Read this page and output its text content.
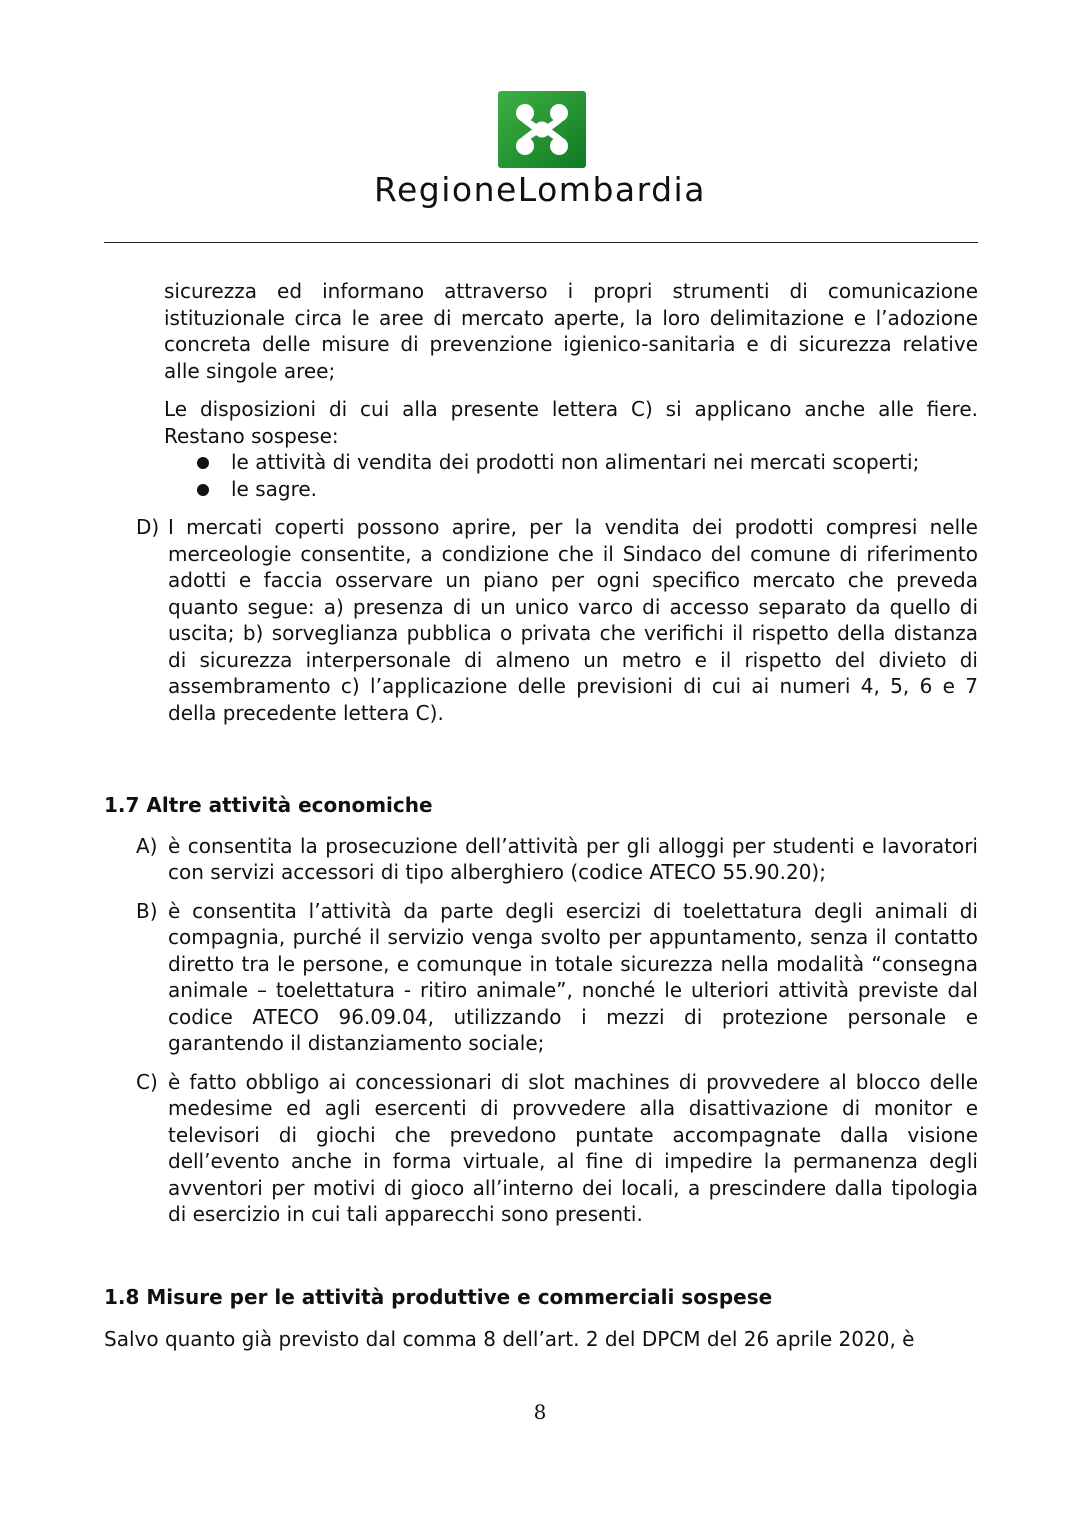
RegioneLombardia

sicurezza ed informano attraverso i propri strumenti di comunicazione istituzionale circa le aree di mercato aperte, la loro delimitazione e l’adozione concreta delle misure di prevenzione igienico-sanitaria e di sicurezza relative alle singole aree;

Le disposizioni di cui alla presente lettera C) si applicano anche alle fiere. Restano sospese:

le attività di vendita dei prodotti non alimentari nei mercati scoperti;
le sagre.
D) I mercati coperti possono aprire, per la vendita dei prodotti compresi nelle merceologie consentite, a condizione che il Sindaco del comune di riferimento adotti e faccia osservare un piano per ogni specifico mercato che preveda quanto segue: a) presenza di un unico varco di accesso separato da quello di uscita; b) sorveglianza pubblica o privata che verifichi il rispetto della distanza di sicurezza interpersonale di almeno un metro e il rispetto del divieto di assembramento c) l’applicazione delle previsioni di cui ai numeri 4, 5, 6 e 7 della precedente lettera C).

1.7 Altre attività economiche

A) è consentita la prosecuzione dell’attività per gli alloggi per studenti e lavoratori con servizi accessori di tipo alberghiero (codice ATECO 55.90.20);
B) è consentita l’attività da parte degli esercizi di toelettatura degli animali di compagnia, purché il servizio venga svolto per appuntamento, senza il contatto diretto tra le persone, e comunque in totale sicurezza nella modalità “consegna animale – toelettatura - ritiro animale”, nonché le ulteriori attività previste dal codice ATECO 96.09.04, utilizzando i mezzi di protezione personale e garantendo il distanziamento sociale;
C) è fatto obbligo ai concessionari di slot machines di provvedere al blocco delle medesime ed agli esercenti di provvedere alla disattivazione di monitor e televisori di giochi che prevedono puntate accompagnate dalla visione dell’evento anche in forma virtuale, al fine di impedire la permanenza degli avventori per motivi di gioco all’interno dei locali, a prescindere dalla tipologia di esercizio in cui tali apparecchi sono presenti.

1.8 Misure per le attività produttive e commerciali sospese

Salvo quanto già previsto dal comma 8 dell’art. 2 del DPCM del 26 aprile 2020, è

8
